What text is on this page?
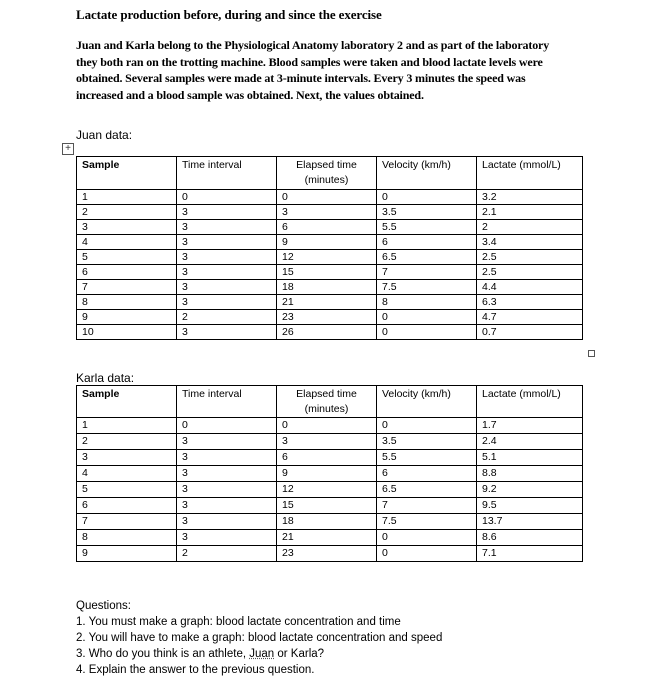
Lactate production before, during and since the exercise
Juan and Karla belong to the Physiological Anatomy laboratory 2 and as part of the laboratory they both ran on the trotting machine. Blood samples were taken and blood lactate levels were obtained. Several samples were made at 3-minute intervals. Every 3 minutes the speed was increased and a blood sample was obtained. Next, the values obtained.
Juan data:
+
Sample	Time interval	Elapsed time (minutes)	Velocity (km/h)	Lactate (mmol/L)
1	0	0	0	3.2
2	3	3	3.5	2.1
3	3	6	5.5	2
4	3	9	6	3.4
5	3	12	6.5	2.5
6	3	15	7	2.5
7	3	18	7.5	4.4
8	3	21	8	6.3
9	2	23	0	4.7
10	3	26	0	0.7
Karla data:
Sample	Time interval	Elapsed time (minutes)	Velocity (km/h)	Lactate (mmol/L)
1	0	0	0	1.7
2	3	3	3.5	2.4
3	3	6	5.5	5.1
4	3	9	6	8.8
5	3	12	6.5	9.2
6	3	15	7	9.5
7	3	18	7.5	13.7
8	3	21	0	8.6
9	2	23	0	7.1
Questions:
1. You must make a graph: blood lactate concentration and time
2. You will have to make a graph: blood lactate concentration and speed
3. Who do you think is an athlete, Juan or Karla?
4. Explain the answer to the previous question.
